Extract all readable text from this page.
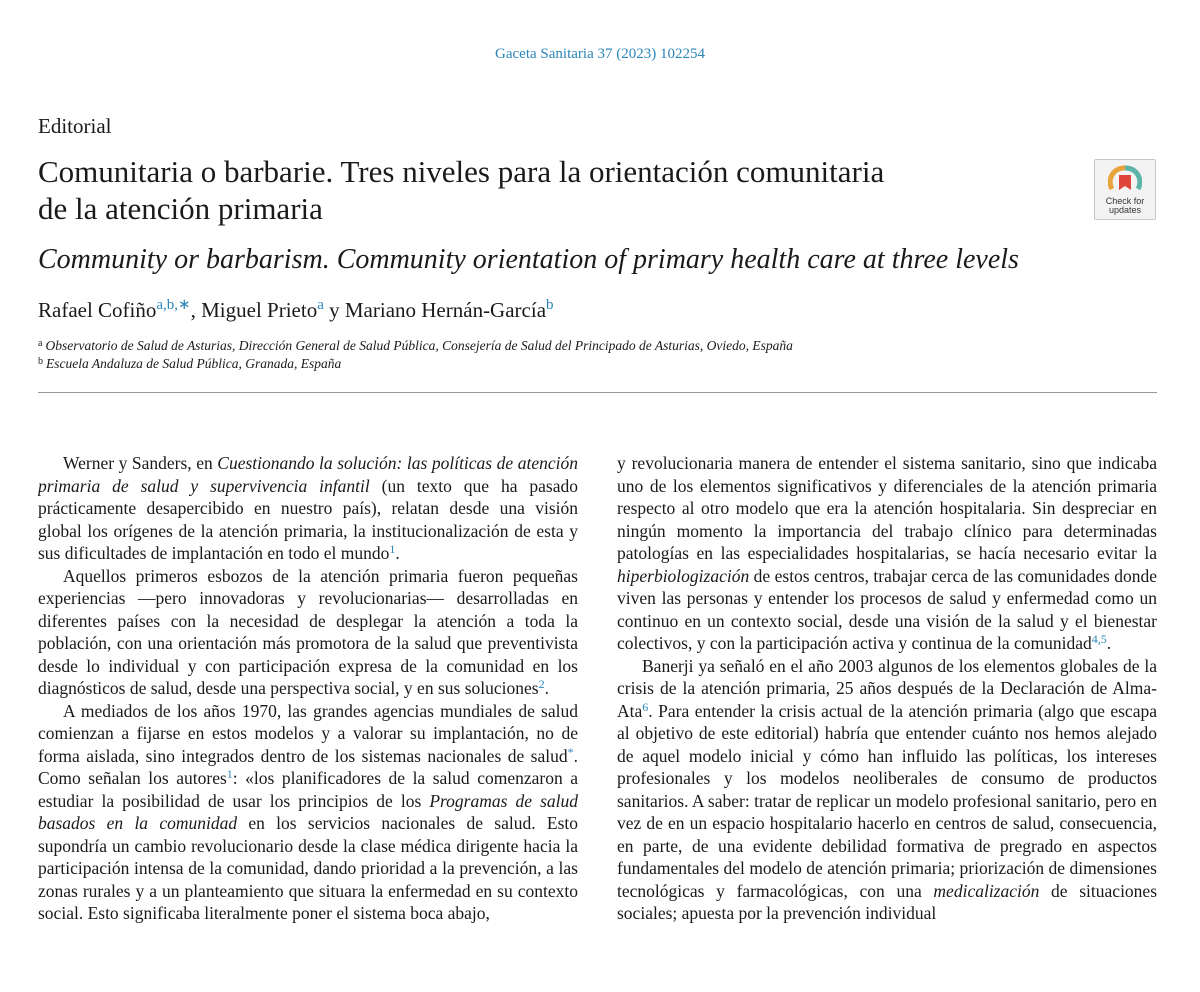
Gaceta Sanitaria 37 (2023) 102254
Editorial
Comunitaria o barbarie. Tres niveles para la orientación comunitaria
de la atención primaria	Check for
updates
Community or barbarism. Community orientation of primary health care at three levels
Rafael Cofiño$^{a,b,∗}$, Miguel Prieto$^a$ y Mariano Hernán-García$^b$
$^a$ Observatorio de Salud de Asturias, Dirección General de Salud Pública, Consejería de Salud del Principado de Asturias, Oviedo, España
$^b$ Escuela Andaluza de Salud Pública, Granada, España

Werner y Sanders, en Cuestionando la solución: las políticas de atención primaria de salud y supervivencia infantil (un texto que ha pasado prácticamente desapercibido en nuestro país), relatan desde una visión global los orígenes de la atención primaria, la institucionalización de esta y sus dificultades de implantación en todo el mundo$^1$.

Aquellos primeros esbozos de la atención primaria fueron pequeñas experiencias —pero innovadoras y revolucionarias— desarrolladas en diferentes países con la necesidad de desplegar la atención a toda la población, con una orientación más promotora de la salud que preventivista desde lo individual y con participación expresa de la comunidad en los diagnósticos de salud, desde una perspectiva social, y en sus soluciones$^2$.

A mediados de los años 1970, las grandes agencias mundiales de salud comienzan a fijarse en estos modelos y a valorar su implantación, no de forma aislada, sino integrados dentro de los sistemas nacionales de salud*. Como señalan los autores$^1$: «los planificadores de la salud comenzaron a estudiar la posibilidad de usar los principios de los Programas de salud basados en la comunidad en los servicios nacionales de salud. Esto supondría un cambio revolucionario desde la clase médica dirigente hacia la participación intensa de la comunidad, dando prioridad a la prevención, a las zonas rurales y a un planteamiento que situara la enfermedad en su contexto social. Esto significaba literalmente poner el sistema boca abajo,

y revolucionaria manera de entender el sistema sanitario, sino que indicaba uno de los elementos significativos y diferenciales de la atención primaria respecto al otro modelo que era la atención hospitalaria. Sin despreciar en ningún momento la importancia del trabajo clínico para determinadas patologías en las especialidades hospitalarias, se hacía necesario evitar la hiperbiologización de estos centros, trabajar cerca de las comunidades donde viven las personas y entender los procesos de salud y enfermedad como un continuo en un contexto social, desde una visión de la salud y el bienestar colectivos, y con la participación activa y continua de la comunidad$^{4,5}$.

Banerji ya señaló en el año 2003 algunos de los elementos globales de la crisis de la atención primaria, 25 años después de la Declaración de Alma-Ata$^6$. Para entender la crisis actual de la atención primaria (algo que escapa al objetivo de este editorial) habría que entender cuánto nos hemos alejado de aquel modelo inicial y cómo han influido las políticas, los intereses profesionales y los modelos neoliberales de consumo de productos sanitarios. A saber: tratar de replicar un modelo profesional sanitario, pero en vez de en un espacio hospitalario hacerlo en centros de salud, consecuencia, en parte, de una evidente debilidad formativa de pregrado en aspectos fundamentales del modelo de atención primaria; priorización de dimensiones tecnológicas y farmacológicas, con una medicalización de situaciones sociales; apuesta por la prevención individual
